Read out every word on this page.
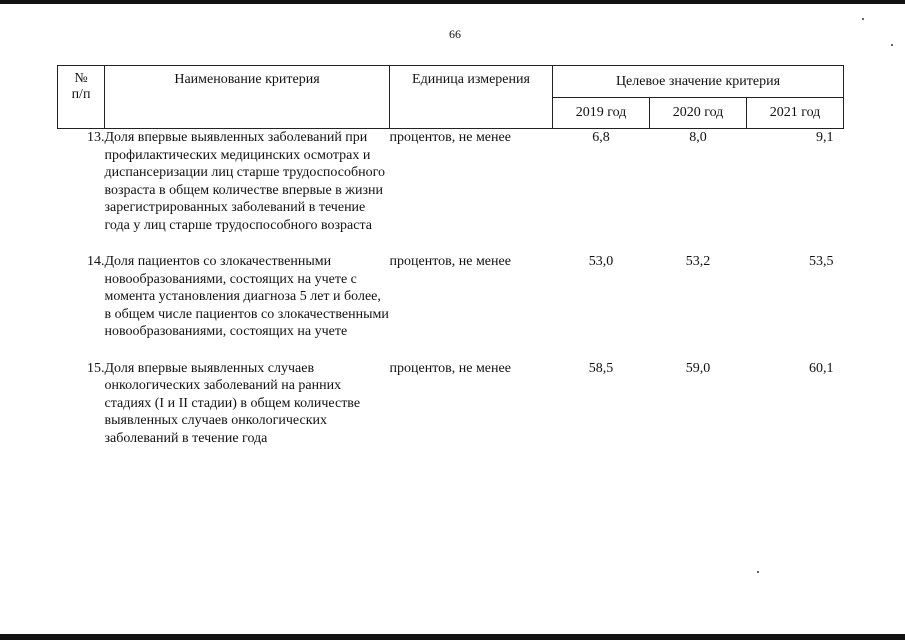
66
№ п/п	Наименование критерия	Единица измерения	Целевое значение критерия		
			2019 год	2020 год	2021 год
13.	Доля впервые выявленных заболеваний при профилактических медицинских осмотрах и диспансеризации лиц старше трудоспособного возраста в общем количестве впервые в жизни зарегистрированных заболеваний в течение года у лиц старше трудоспособного возраста	процентов, не менее	6,8	8,0	9,1
14.	Доля пациентов со злокачественными новообразованиями, состоящих на учете с момента установления диагноза 5 лет и более, в общем числе пациентов со злокачественными новообразованиями, состоящих на учете	процентов, не менее	53,0	53,2	53,5
15.	Доля впервые выявленных случаев онкологических заболеваний на ранних стадиях (I и II стадии) в общем количестве выявленных случаев онкологических заболеваний в течение года	процентов, не менее	58,5	59,0	60,1
